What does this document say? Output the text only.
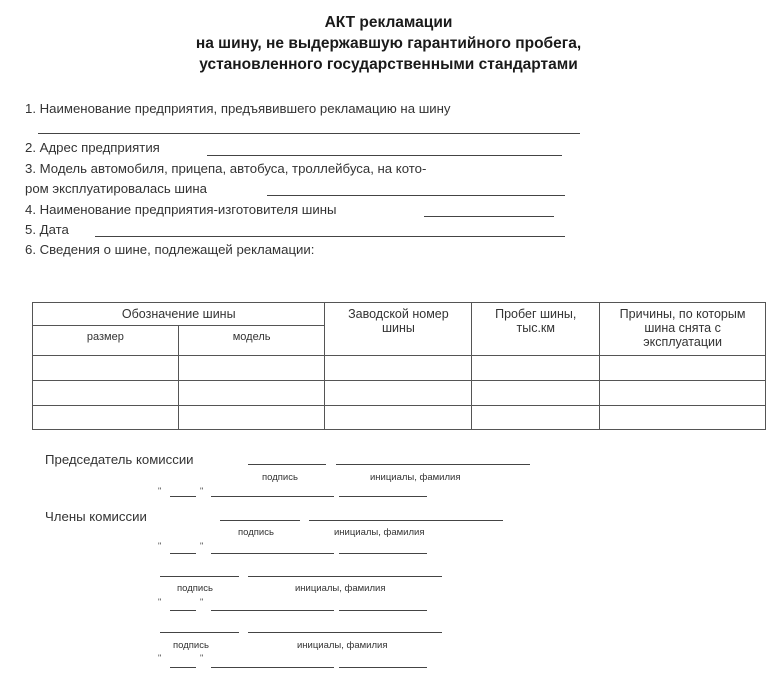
АКТ рекламации
на шину, не выдержавшую гарантийного пробега,
установленного государственными стандартами
1. Наименование предприятия, предъявившего рекламацию на шину
2. Адрес предприятия
3. Модель автомобиля, прицепа, автобуса, троллейбуса, на кото-
ром эксплуатировалась шина
4. Наименование предприятия-изготовителя шины
5. Дата
6. Сведения о шине, подлежащей рекламации:
Обозначение шины		Заводской номер шины	Пробег шины, тыс.км	Причины, по которым шина снята с эксплуатации
размер	модель			

Председатель комиссии
подпись	инициалы, фамилия
"	"
Члены комиссии
подпись	инициалы, фамилия
"	"
подпись	инициалы, фамилия
"	"
подпись	инициалы, фамилия
"	"
